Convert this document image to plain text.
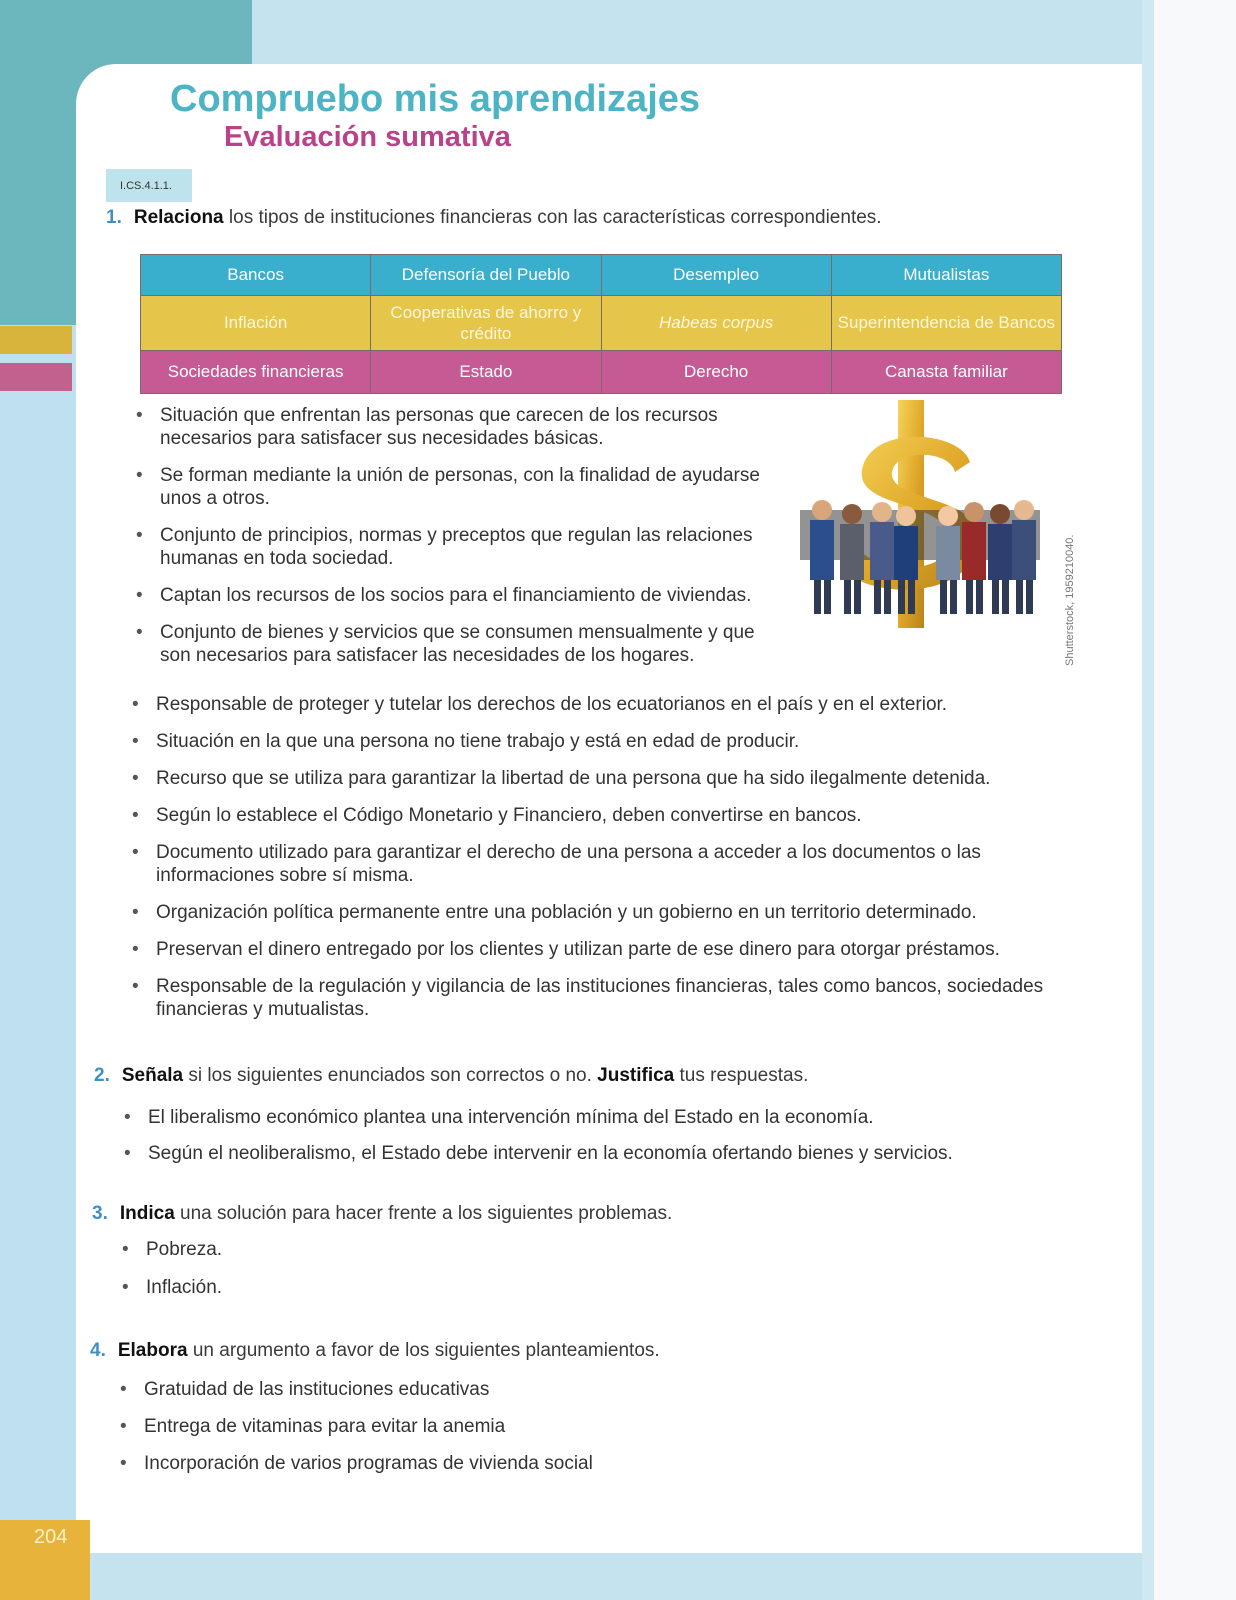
204
Compruebo mis aprendizajes
Evaluación sumativa
I.CS.4.1.1.
1. Relaciona los tipos de instituciones financieras con las características correspondientes.
Bancos	Defensoría del Pueblo	Desempleo	Mutualistas
Inflación	Cooperativas de ahorro y crédito	Habeas corpus	Superintendencia de Bancos
Sociedades financieras	Estado	Derecho	Canasta familiar
• Situación que enfrentan las personas que carecen de los recursos necesarios para satisfacer sus necesidades básicas.
• Se forman mediante la unión de personas, con la finalidad de ayudarse unos a otros.
• Conjunto de principios, normas y preceptos que regulan las relaciones humanas en toda sociedad.
• Captan los recursos de los socios para el financiamiento de viviendas.
• Conjunto de bienes y servicios que se consumen mensualmente y que son necesarios para satisfacer las necesidades de los hogares.
• Responsable de proteger y tutelar los derechos de los ecuatorianos en el país y en el exterior.
• Situación en la que una persona no tiene trabajo y está en edad de producir.
• Recurso que se utiliza para garantizar la libertad de una persona que ha sido ilegalmente detenida.
• Según lo establece el Código Monetario y Financiero, deben convertirse en bancos.
• Documento utilizado para garantizar el derecho de una persona a acceder a los documentos o las informaciones sobre sí misma.
• Organización política permanente entre una población y un gobierno en un territorio determinado.
• Preservan el dinero entregado por los clientes y utilizan parte de ese dinero para otorgar préstamos.
• Responsable de la regulación y vigilancia de las instituciones financieras, tales como bancos, sociedades financieras y mutualistas.
Shutterstock, 1959210040.
2. Señala si los siguientes enunciados son correctos o no. Justifica tus respuestas.
• El liberalismo económico plantea una intervención mínima del Estado en la economía.
• Según el neoliberalismo, el Estado debe intervenir en la economía ofertando bienes y servicios.
3. Indica una solución para hacer frente a los siguientes problemas.
• Pobreza.
• Inflación.
4. Elabora un argumento a favor de los siguientes planteamientos.
• Gratuidad de las instituciones educativas
• Entrega de vitaminas para evitar la anemia
• Incorporación de varios programas de vivienda social
